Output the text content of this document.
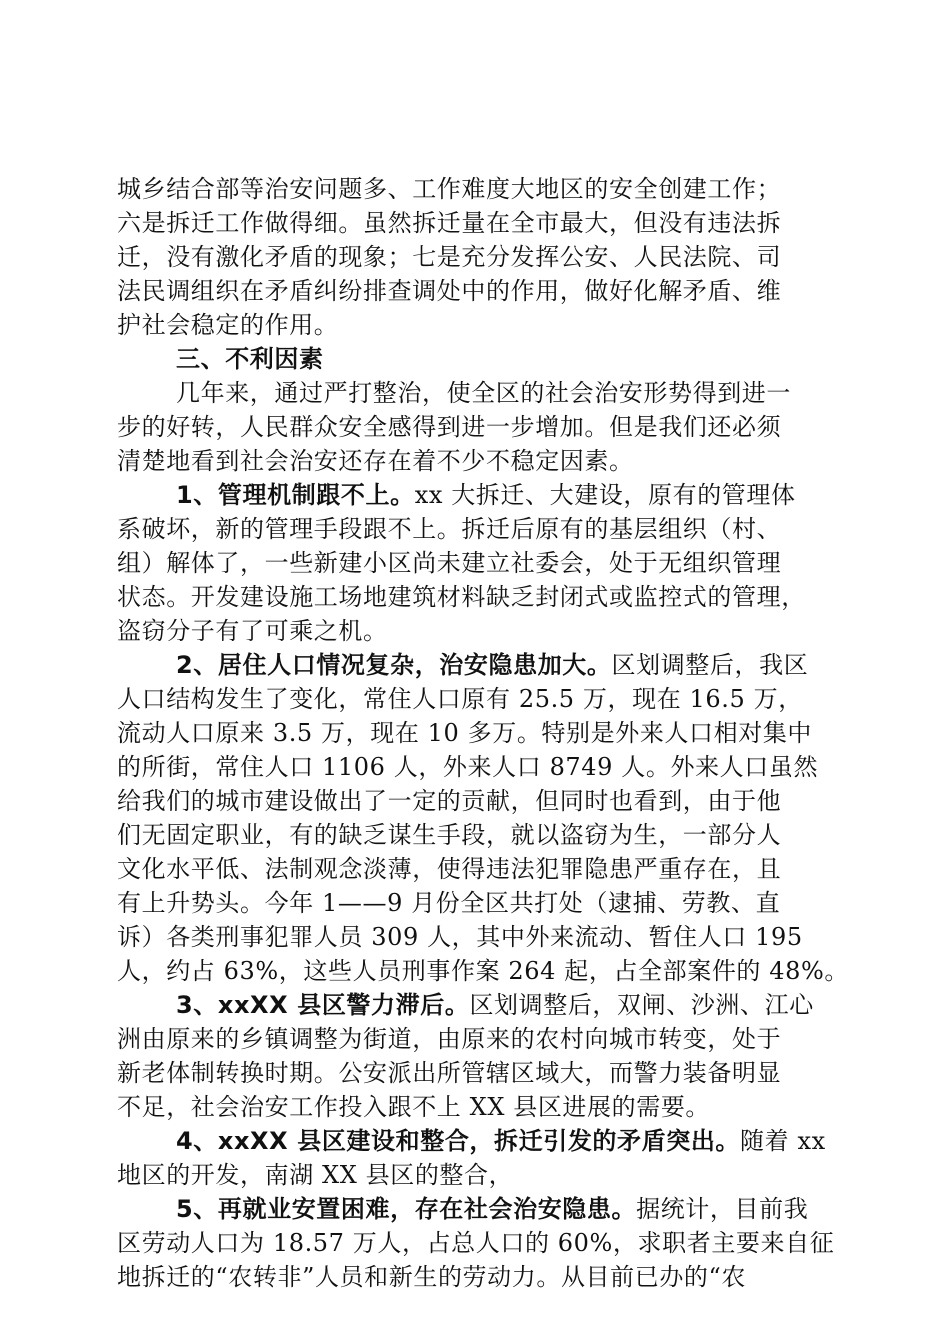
城乡结合部等治安问题多、工作难度大地区的安全创建工作；
六是拆迁工作做得细。虽然拆迁量在全市最大，但没有违法拆
迁，没有激化矛盾的现象；七是充分发挥公安、人民法院、司
法民调组织在矛盾纠纷排查调处中的作用，做好化解矛盾、维
护社会稳定的作用。
三、不利因素
几年来，通过严打整治，使全区的社会治安形势得到进一
步的好转，人民群众安全感得到进一步增加。但是我们还必须
清楚地看到社会治安还存在着不少不稳定因素。
1、管理机制跟不上。xx 大拆迁、大建设，原有的管理体
系破坏，新的管理手段跟不上。拆迁后原有的基层组织（村、
组）解体了，一些新建小区尚未建立社委会，处于无组织管理
状态。开发建设施工场地建筑材料缺乏封闭式或监控式的管理，
盗窃分子有了可乘之机。
2、居住人口情况复杂，治安隐患加大。区划调整后，我区
人口结构发生了变化，常住人口原有 25.5 万，现在 16.5 万，
流动人口原来 3.5 万，现在 10 多万。特别是外来人口相对集中
的所街，常住人口 1106 人，外来人口 8749 人。外来人口虽然
给我们的城市建设做出了一定的贡献，但同时也看到，由于他
们无固定职业，有的缺乏谋生手段，就以盗窃为生，一部分人
文化水平低、法制观念淡薄，使得违法犯罪隐患严重存在，且
有上升势头。今年 1——9 月份全区共打处（逮捕、劳教、直
诉）各类刑事犯罪人员 309 人，其中外来流动、暂住人口 195
人，约占 63%，这些人员刑事作案 264 起，占全部案件的 48%。
3、xxXX 县区警力滞后。区划调整后，双闸、沙洲、江心
洲由原来的乡镇调整为街道，由原来的农村向城市转变，处于
新老体制转换时期。公安派出所管辖区域大，而警力装备明显
不足，社会治安工作投入跟不上 XX 县区进展的需要。
4、xxXX 县区建设和整合，拆迁引发的矛盾突出。随着 xx
地区的开发，南湖 XX 县区的整合，
5、再就业安置困难，存在社会治安隐患。据统计，目前我
区劳动人口为 18.57 万人，占总人口的 60%，求职者主要来自征
地拆迁的“农转非”人员和新生的劳动力。从目前已办的“农
